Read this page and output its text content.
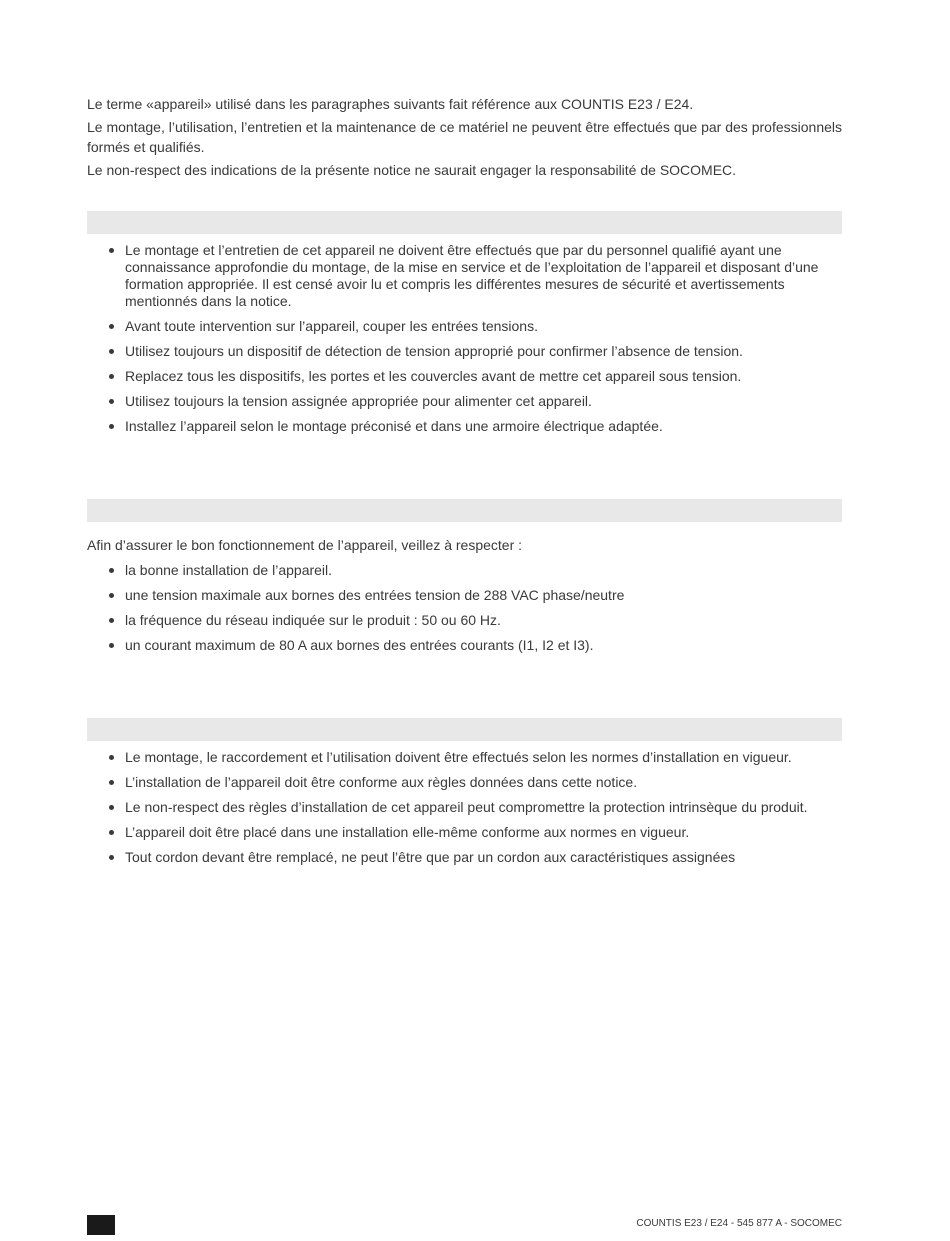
Le terme «appareil» utilisé dans les paragraphes suivants fait référence aux COUNTIS E23 / E24.

Le montage, l’utilisation, l’entretien et la maintenance de ce matériel ne peuvent être effectués que par des professionnels formés et qualifiés.

Le non-respect des indications de la présente notice ne saurait engager la responsabilité de SOCOMEC.

Le montage et l’entretien de cet appareil ne doivent être effectués que par du personnel qualifié ayant une connaissance approfondie du montage, de la mise en service et de l’exploitation de l’appareil et disposant d’une formation appropriée. Il est censé avoir lu et compris les différentes mesures de sécurité et avertissements mentionnés dans la notice.
Avant toute intervention sur l’appareil, couper les entrées tensions.
Utilisez toujours un dispositif de détection de tension approprié pour confirmer l’absence de tension.
Replacez tous les dispositifs, les portes et les couvercles avant de mettre cet appareil sous tension.
Utilisez toujours la tension assignée appropriée pour alimenter cet appareil.
Installez l’appareil selon le montage préconisé et dans une armoire électrique adaptée.

Afin d’assurer le bon fonctionnement de l’appareil, veillez à respecter :

la bonne installation de l’appareil.
une tension maximale aux bornes des entrées tension de 288 VAC phase/neutre
la fréquence du réseau indiquée sur le produit : 50 ou 60 Hz.
un courant maximum de 80 A aux bornes des entrées courants (I1, I2 et I3).
Le montage, le raccordement et l’utilisation doivent être effectués selon les normes d’installation en vigueur.
L’installation de l’appareil doit être conforme aux règles données dans cette notice.
Le non-respect des règles d’installation de cet appareil peut compromettre la protection intrinsèque du produit.
L’appareil doit être placé dans une installation elle-même conforme aux normes en vigueur.
Tout cordon devant être remplacé, ne peut l’être que par un cordon aux caractéristiques assignées
COUNTIS E23 / E24 - 545 877 A - SOCOMEC
